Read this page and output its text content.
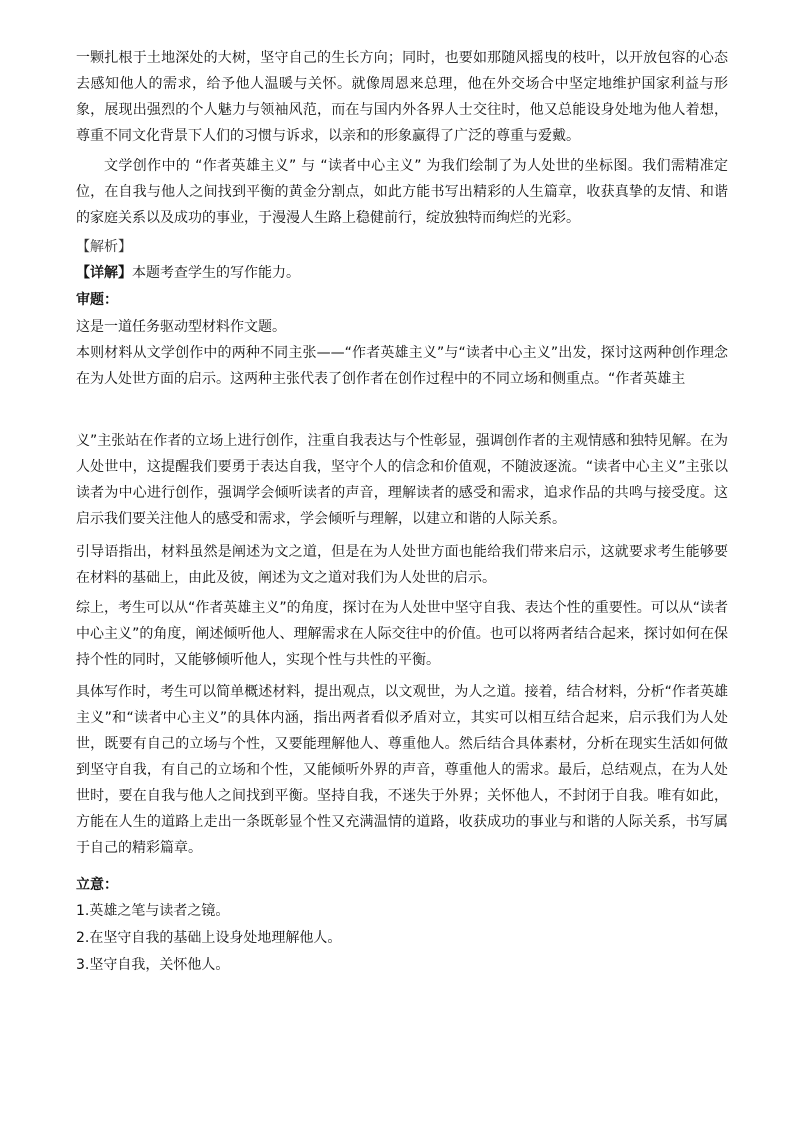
一颗扎根于土地深处的大树，坚守自己的生长方向；同时，也要如那随风摇曳的枝叶，以开放包容的心态去感知他人的需求，给予他人温暖与关怀。就像周恩来总理，他在外交场合中坚定地维护国家利益与形象，展现出强烈的个人魅力与领袖风范，而在与国内外各界人士交往时，他又总能设身处地为他人着想，尊重不同文化背景下人们的习惯与诉求，以亲和的形象赢得了广泛的尊重与爱戴。

文学创作中的 “作者英雄主义” 与 “读者中心主义” 为我们绘制了为人处世的坐标图。我们需精准定位，在自我与他人之间找到平衡的黄金分割点，如此方能书写出精彩的人生篇章，收获真挚的友情、和谐的家庭关系以及成功的事业，于漫漫人生路上稳健前行，绽放独特而绚烂的光彩。

【解析】

【详解】本题考查学生的写作能力。

审题：

这是一道任务驱动型材料作文题。

本则材料从文学创作中的两种不同主张——“作者英雄主义”与“读者中心主义”出发，探讨这两种创作理念在为人处世方面的启示。这两种主张代表了创作者在创作过程中的不同立场和侧重点。“作者英雄主

义”主张站在作者的立场上进行创作，注重自我表达与个性彰显，强调创作者的主观情感和独特见解。在为人处世中，这提醒我们要勇于表达自我，坚守个人的信念和价值观，不随波逐流。“读者中心主义”主张以读者为中心进行创作，强调学会倾听读者的声音，理解读者的感受和需求，追求作品的共鸣与接受度。这启示我们要关注他人的感受和需求，学会倾听与理解，以建立和谐的人际关系。

引导语指出，材料虽然是阐述为文之道，但是在为人处世方面也能给我们带来启示，这就要求考生能够要在材料的基础上，由此及彼，阐述为文之道对我们为人处世的启示。

综上，考生可以从“作者英雄主义”的角度，探讨在为人处世中坚守自我、表达个性的重要性。可以从“读者中心主义”的角度，阐述倾听他人、理解需求在人际交往中的价值。也可以将两者结合起来，探讨如何在保持个性的同时，又能够倾听他人，实现个性与共性的平衡。

具体写作时，考生可以简单概述材料，提出观点，以文观世，为人之道。接着，结合材料，分析“作者英雄主义”和“读者中心主义”的具体内涵，指出两者看似矛盾对立，其实可以相互结合起来，启示我们为人处世，既要有自己的立场与个性，又要能理解他人、尊重他人。然后结合具体素材，分析在现实生活如何做到坚守自我，有自己的立场和个性，又能倾听外界的声音，尊重他人的需求。最后，总结观点，在为人处世时，要在自我与他人之间找到平衡。坚持自我，不迷失于外界；关怀他人，不封闭于自我。唯有如此，方能在人生的道路上走出一条既彰显个性又充满温情的道路，收获成功的事业与和谐的人际关系，书写属于自己的精彩篇章。

立意：

1.英雄之笔与读者之镜。

2.在坚守自我的基础上设身处地理解他人。

3.坚守自我，关怀他人。
